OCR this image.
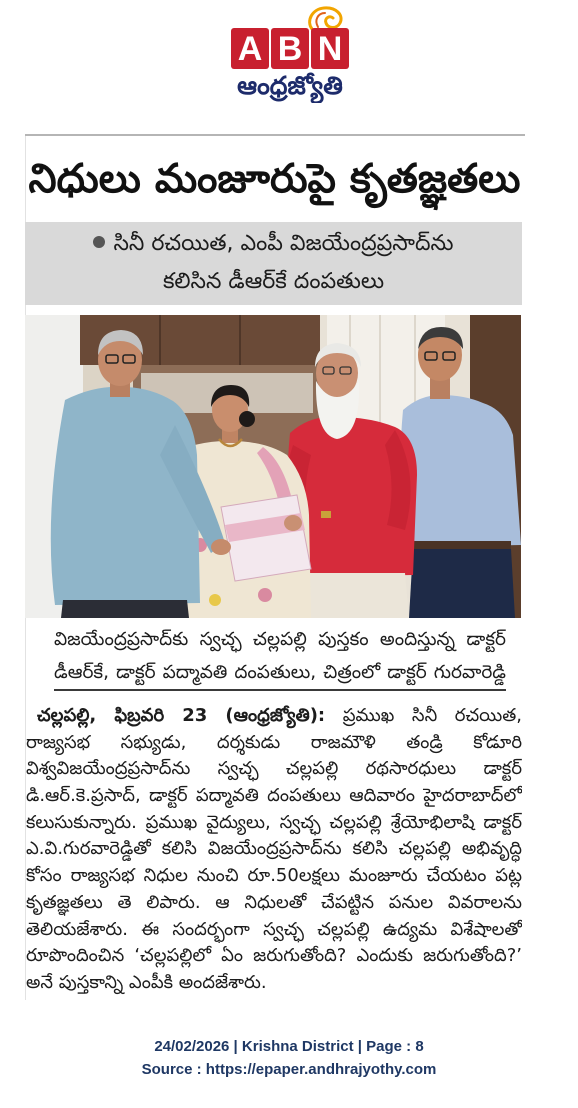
A B N
ఆంధ్రజ్యోతి
నిధులు మంజూరుపై కృతజ్ఞతలు
సినీ రచయిత, ఎంపీ విజయేంద్రప్రసాద్‌ను
కలిసిన డీఆర్‌కే దంపతులు
విజయేంద్రప్రసాద్‌కు స్వచ్ఛ చల్లపల్లి పుస్తకం అందిస్తున్న డాక్టర్
డీఆర్‌కే, డాక్టర్ పద్మావతి దంపతులు, చిత్రంలో డాక్టర్ గురవారెడ్డి
చల్లపల్లి, ఫిబ్రవరి 23 (ఆంధ్రజ్యోతి): ప్రముఖ సినీ రచయిత,
రాజ్యసభ సభ్యుడు, దర్శకుడు రాజమౌళి తండ్రి కోడూరి
విశ్వవిజయేంద్రప్రసాద్‌ను స్వచ్ఛ చల్లపల్లి రథసారధులు డాక్టర్
డి.ఆర్.కె.ప్రసాద్, డాక్టర్ పద్మావతి దంపతులు ఆదివారం హైదరాబాద్‌లో
కలుసుకున్నారు. ప్రముఖ వైద్యులు, స్వచ్ఛ చల్లపల్లి శ్రేయోభిలాషి డాక్టర్
ఎ.వి.గురవారెడ్డితో కలిసి విజయేంద్రప్రసాద్‌ను కలిసి చల్లపల్లి అభివృద్ధి
కోసం రాజ్యసభ నిధుల నుంచి రూ.50లక్షలు మంజూరు చేయటం పట్ల
కృతజ్ఞతలు తె లిపారు. ఆ నిధులతో చేపట్టిన పనుల వివరాలను
తెలియజేశారు. ఈ సందర్భంగా స్వచ్ఛ చల్లపల్లి ఉద్యమ విశేషాలతో
రూపొందించిన ‘చల్లపల్లిలో ఏం జరుగుతోంది? ఎందుకు జరుగుతోంది?’
అనే పుస్తకాన్ని ఎంపీకి అందజేశారు.
24/02/2026 | Krishna District | Page : 8
Source : https://epaper.andhrajyothy.com
